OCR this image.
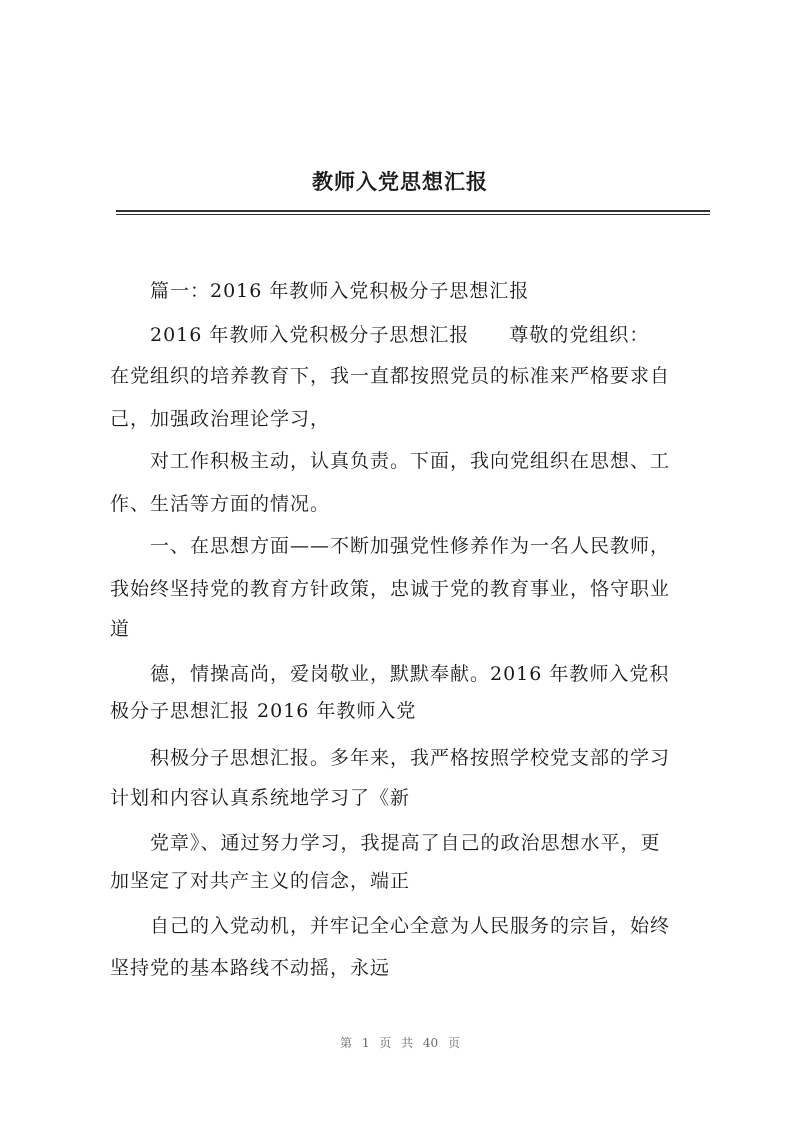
教师入党思想汇报
篇一：2016 年教师入党积极分子思想汇报
2016 年教师入党积极分子思想汇报　　尊敬的党组织：
在党组织的培养教育下，我一直都按照党员的标准来严格要求自
己，加强政治理论学习，
对工作积极主动，认真负责。下面，我向党组织在思想、工
作、生活等方面的情况。
一、在思想方面——不断加强党性修养作为一名人民教师，
我始终坚持党的教育方针政策，忠诚于党的教育事业，恪守职业
道
德，情操高尚，爱岗敬业，默默奉献。2016 年教师入党积
极分子思想汇报 2016 年教师入党
积极分子思想汇报。多年来，我严格按照学校党支部的学习
计划和内容认真系统地学习了《新
党章》、通过努力学习，我提高了自己的政治思想水平，更
加坚定了对共产主义的信念，端正
自己的入党动机，并牢记全心全意为人民服务的宗旨，始终
坚持党的基本路线不动摇，永远
第 1 页 共 40 页
